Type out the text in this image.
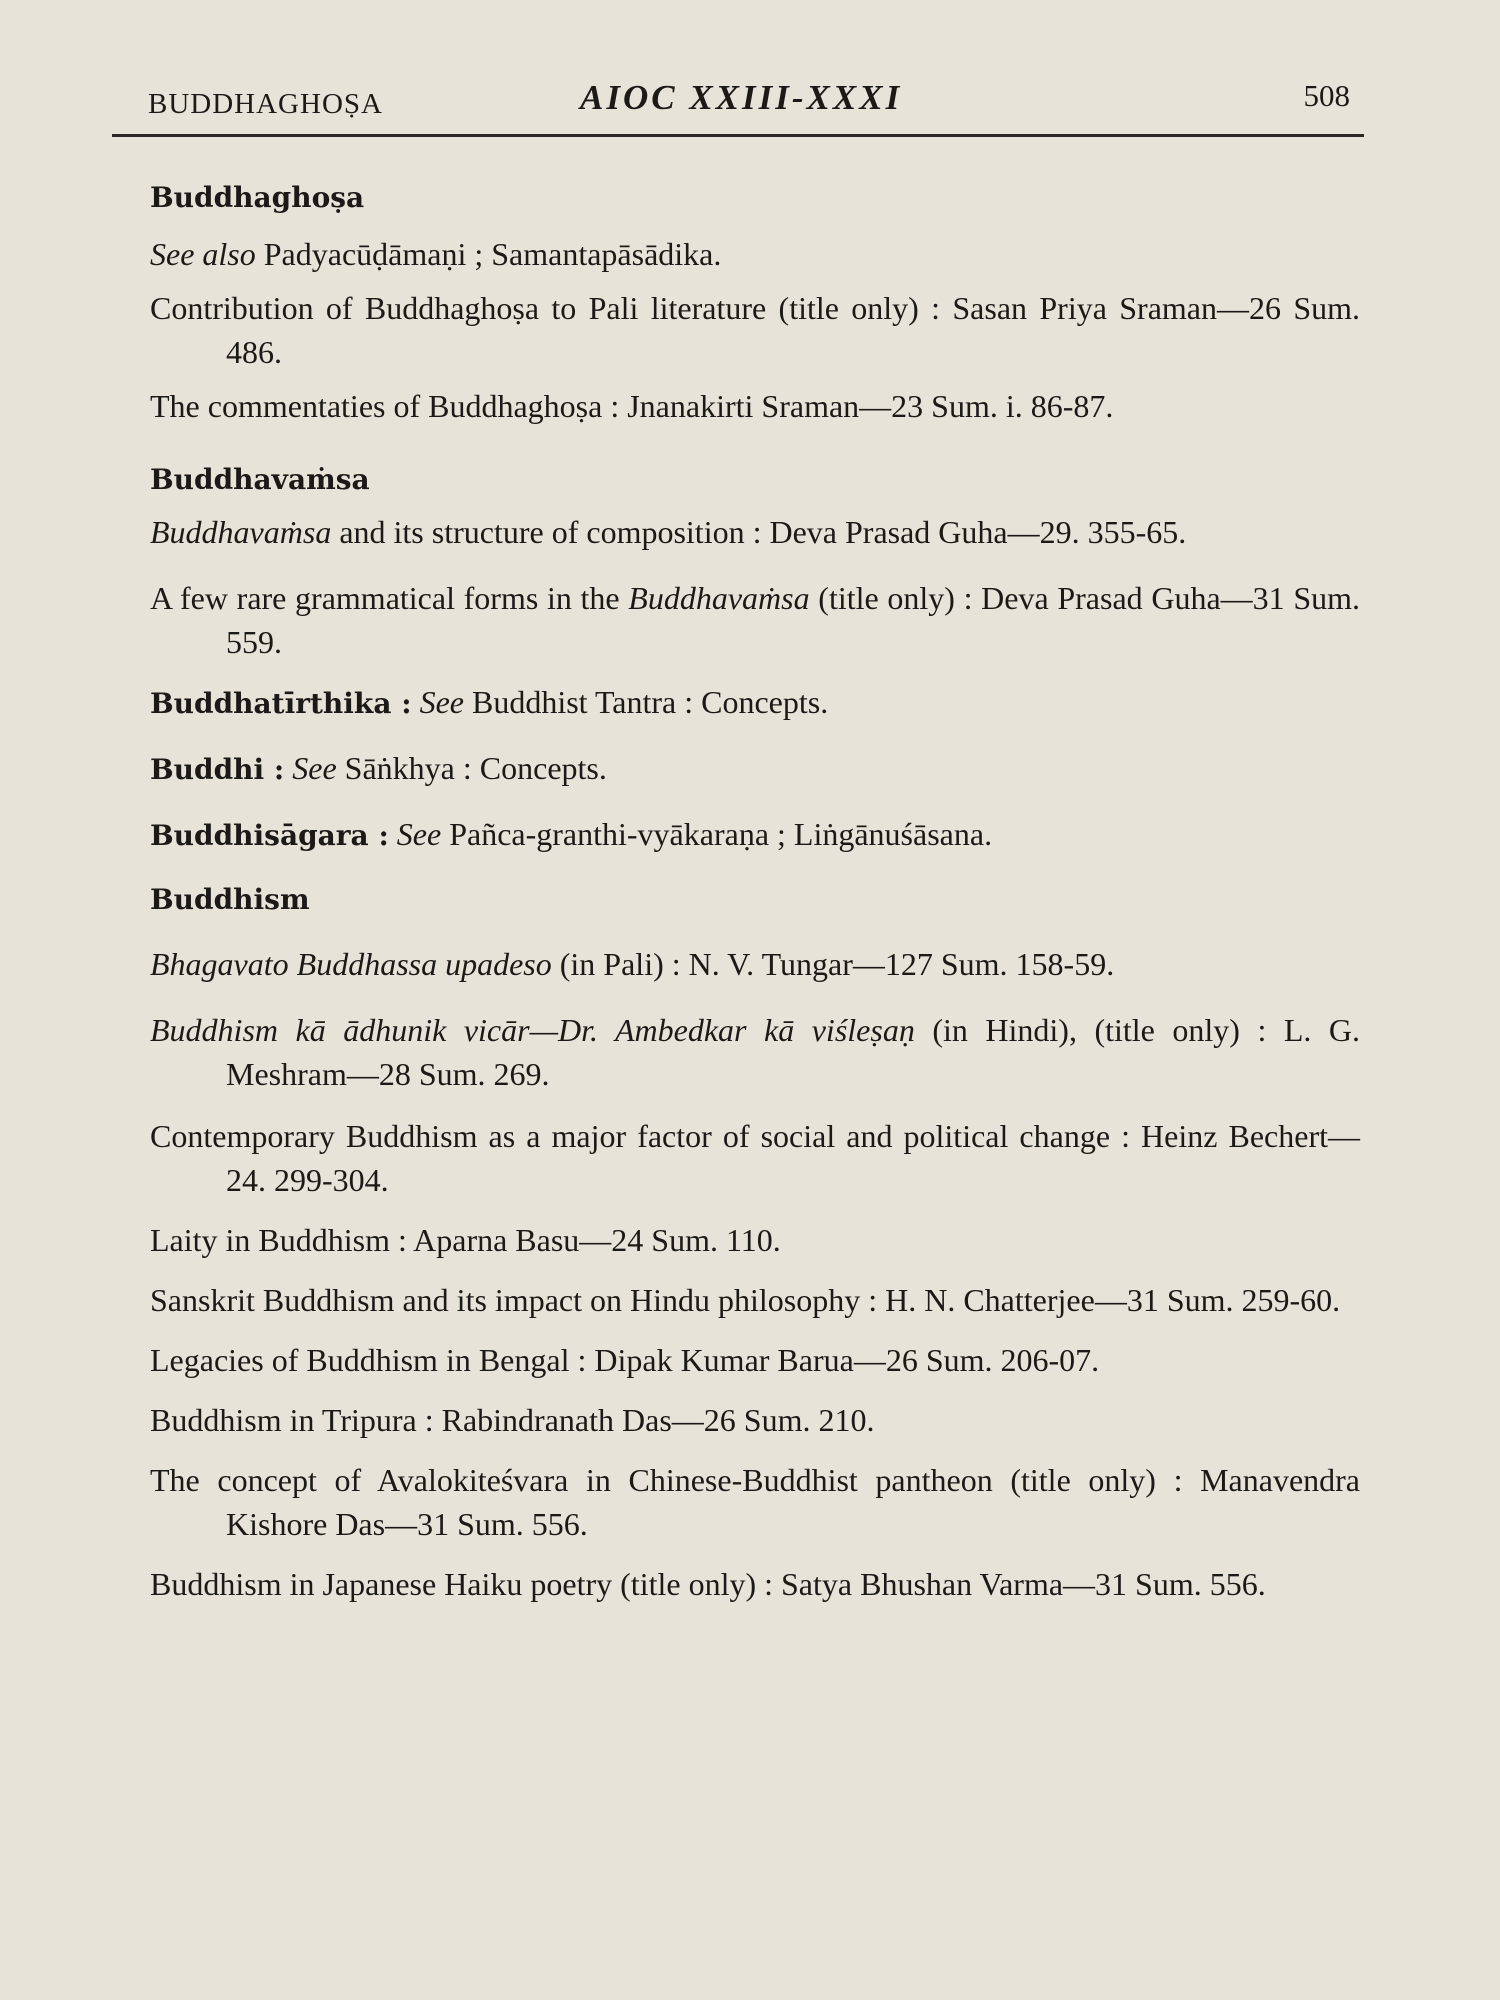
BUDDHAGHOṢA	AIOC XXIII-XXXI	508

Buddhaghoṣa

See also Padyacūḍāmaṇi ; Samantapāsādika.

Contribution of Buddhaghoṣa to Pali literature (title only) : Sasan Priya Sraman—26 Sum. 486.

The commentaties of Buddhaghoṣa : Jnanakirti Sraman—23 Sum. i. 86-87.

Buddhavaṁsa

Buddhavaṁsa and its structure of composition : Deva Prasad Guha—29. 355-65.

A few rare grammatical forms in the Buddhavaṁsa (title only) : Deva Prasad Guha—31 Sum. 559.

Buddhatīrthika : See Buddhist Tantra : Concepts.

Buddhi : See Sāṅkhya : Concepts.

Buddhisāgara : See Pañca-granthi-vyākaraṇa ; Liṅgānuśāsana.

Buddhism

Bhagavato Buddhassa upadeso (in Pali) : N. V. Tungar—127 Sum. 158-59.

Buddhism kā ādhunik vicār—Dr. Ambedkar kā viśleṣaṇ (in Hindi), (title only) : L. G. Meshram—28 Sum. 269.

Contemporary Buddhism as a major factor of social and political change : Heinz Bechert—24. 299-304.

Laity in Buddhism : Aparna Basu—24 Sum. 110.

Sanskrit Buddhism and its impact on Hindu philosophy : H. N. Chatterjee—31 Sum. 259-60.

Legacies of Buddhism in Bengal : Dipak Kumar Barua—26 Sum. 206-07.

Buddhism in Tripura : Rabindranath Das—26 Sum. 210.

The concept of Avalokiteśvara in Chinese-Buddhist pantheon (title only) : Manavendra Kishore Das—31 Sum. 556.

Buddhism in Japanese Haiku poetry (title only) : Satya Bhushan Varma—31 Sum. 556.
